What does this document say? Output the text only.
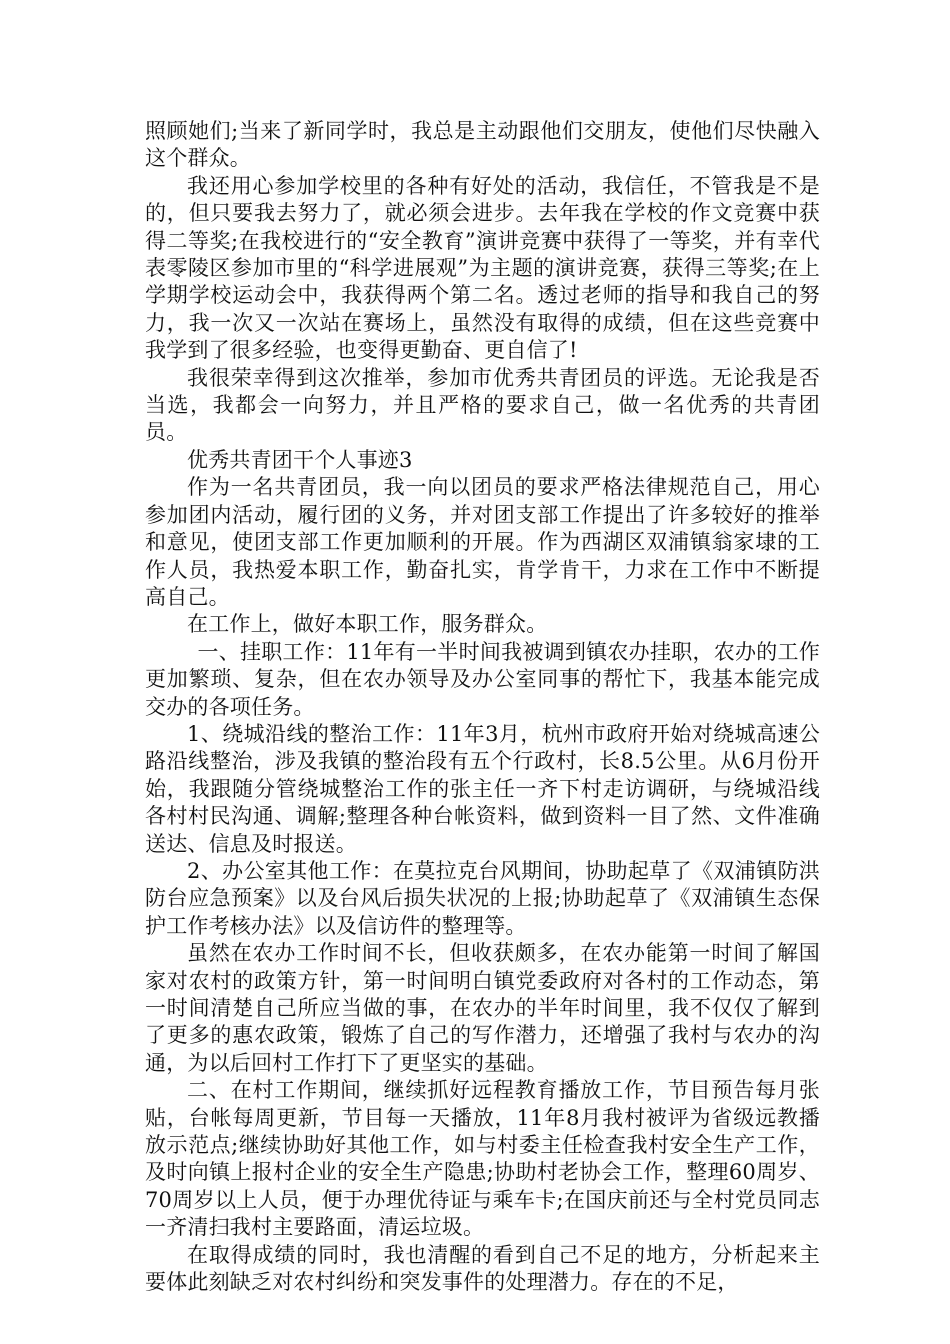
照顾她们;当来了新同学时，我总是主动跟他们交朋友，使他们尽快融入这个群众。

我还用心参加学校里的各种有好处的活动，我信任，不管我是不是的，但只要我去努力了，就必须会进步。去年我在学校的作文竞赛中获得二等奖;在我校进行的“安全教育”演讲竞赛中获得了一等奖，并有幸代表零陵区参加市里的“科学进展观”为主题的演讲竞赛，获得三等奖;在上学期学校运动会中，我获得两个第二名。透过老师的指导和我自己的努力，我一次又一次站在赛场上，虽然没有取得的成绩，但在这些竞赛中我学到了很多经验，也变得更勤奋、更自信了!

我很荣幸得到这次推举，参加市优秀共青团员的评选。无论我是否当选，我都会一向努力，并且严格的要求自己，做一名优秀的共青团员。

优秀共青团干个人事迹3

作为一名共青团员，我一向以团员的要求严格法律规范自己，用心参加团内活动，履行团的义务，并对团支部工作提出了许多较好的推举和意见，使团支部工作更加顺利的开展。作为西湖区双浦镇翁家埭的工作人员，我热爱本职工作，勤奋扎实，肯学肯干，力求在工作中不断提高自己。

在工作上，做好本职工作，服务群众。

一、挂职工作：11年有一半时间我被调到镇农办挂职，农办的工作更加繁琐、复杂，但在农办领导及办公室同事的帮忙下，我基本能完成交办的各项任务。

1、绕城沿线的整治工作：11年3月，杭州市政府开始对绕城高速公路沿线整治，涉及我镇的整治段有五个行政村，长8.5公里。从6月份开始，我跟随分管绕城整治工作的张主任一齐下村走访调研，与绕城沿线各村村民沟通、调解;整理各种台帐资料，做到资料一目了然、文件准确送达、信息及时报送。

2、办公室其他工作：在莫拉克台风期间，协助起草了《双浦镇防洪防台应急预案》以及台风后损失状况的上报;协助起草了《双浦镇生态保护工作考核办法》以及信访件的整理等。

虽然在农办工作时间不长，但收获颇多，在农办能第一时间了解国家对农村的政策方针，第一时间明白镇党委政府对各村的工作动态，第一时间清楚自己所应当做的事，在农办的半年时间里，我不仅仅了解到了更多的惠农政策，锻炼了自己的写作潜力，还增强了我村与农办的沟通，为以后回村工作打下了更坚实的基础。

二、在村工作期间，继续抓好远程教育播放工作，节目预告每月张贴，台帐每周更新，节目每一天播放，11年8月我村被评为省级远教播放示范点;继续协助好其他工作，如与村委主任检查我村安全生产工作，及时向镇上报村企业的安全生产隐患;协助村老协会工作，整理60周岁、70周岁以上人员，便于办理优待证与乘车卡;在国庆前还与全村党员同志一齐清扫我村主要路面，清运垃圾。

在取得成绩的同时，我也清醒的看到自己不足的地方，分析起来主要体此刻缺乏对农村纠纷和突发事件的处理潜力。存在的不足，
